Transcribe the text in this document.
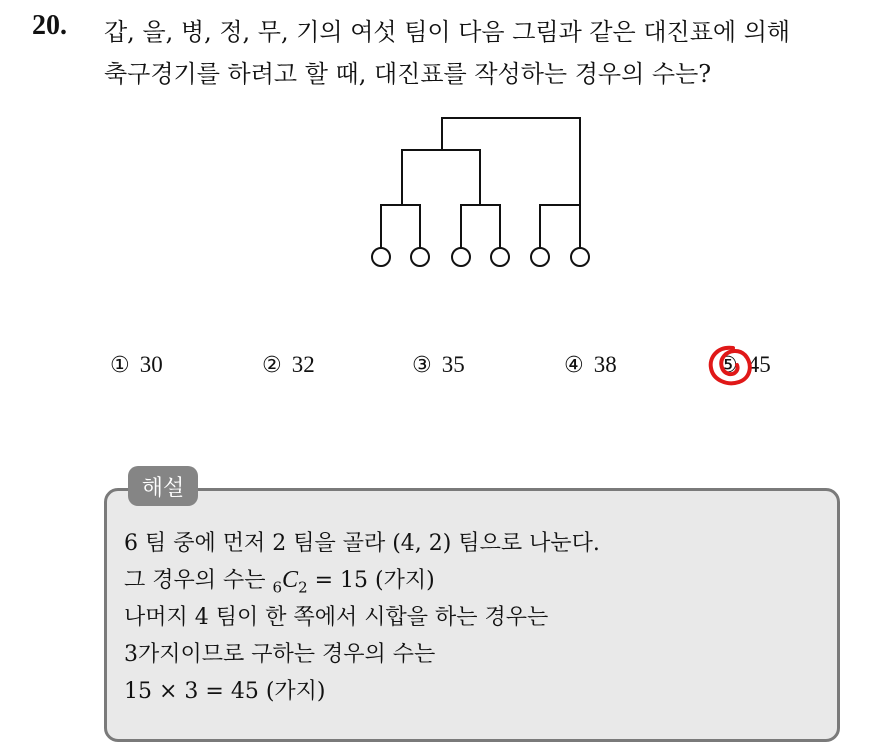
20. 갑, 을, 병, 정, 무, 기의 여섯 팀이 다음 그림과 같은 대진표에 의해
축구경기를 하려고 할 때, 대진표를 작성하는 경우의 수는?
① 30	② 32	③ 35	④ 38	⑤ 45
해설
6 팀 중에 먼저 2 팀을 골라 (4, 2) 팀으로 나눈다.
그 경우의 수는 $_6C_2 = 15$ (가지)
나머지 4 팀이 한 쪽에서 시합을 하는 경우는
3가지이므로 구하는 경우의 수는
15 × 3 = 45 (가지)
